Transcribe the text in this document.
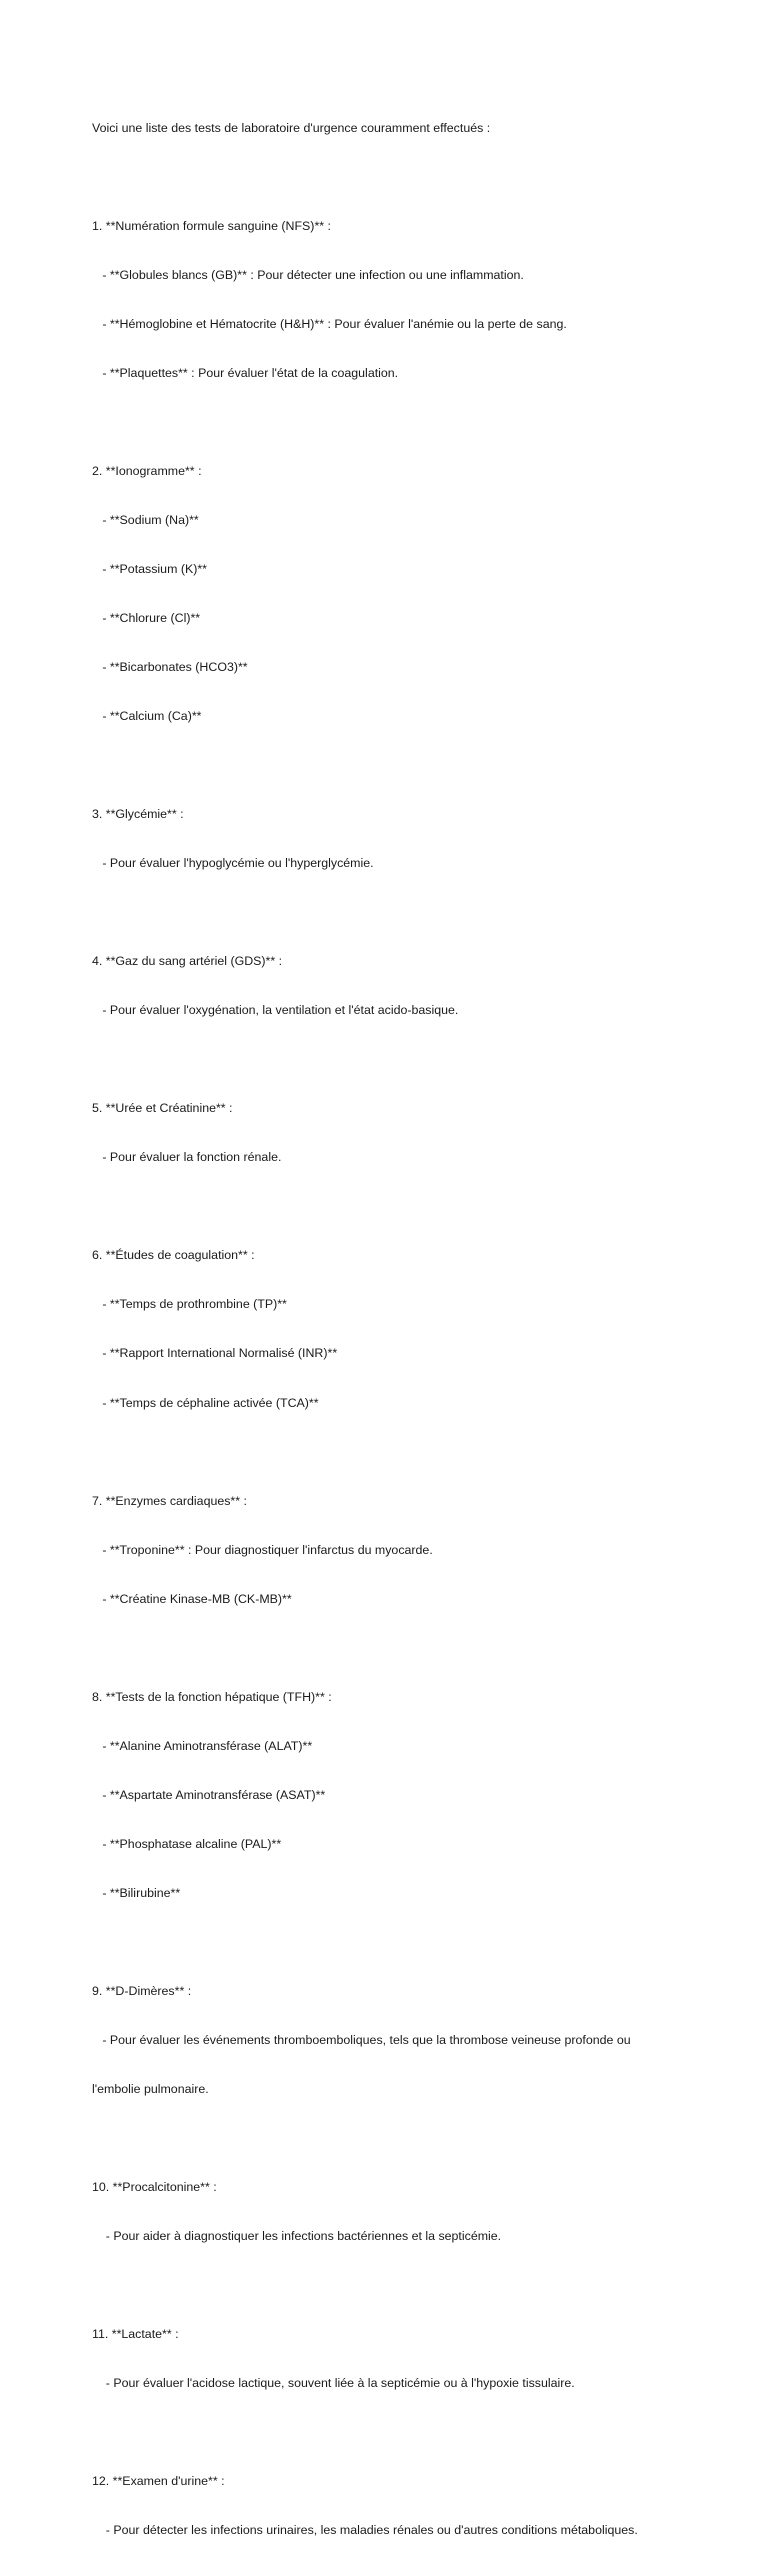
Voici une liste des tests de laboratoire d'urgence couramment effectués :

1. **Numération formule sanguine (NFS)** :

- **Globules blancs (GB)** : Pour détecter une infection ou une inflammation.

- **Hémoglobine et Hématocrite (H&H)** : Pour évaluer l'anémie ou la perte de sang.

- **Plaquettes** : Pour évaluer l'état de la coagulation.

2. **Ionogramme** :

- **Sodium (Na)**

- **Potassium (K)**

- **Chlorure (Cl)**

- **Bicarbonates (HCO3)**

- **Calcium (Ca)**

3. **Glycémie** :

- Pour évaluer l'hypoglycémie ou l'hyperglycémie.

4. **Gaz du sang artériel (GDS)** :

- Pour évaluer l'oxygénation, la ventilation et l'état acido-basique.

5. **Urée et Créatinine** :

- Pour évaluer la fonction rénale.

6. **Études de coagulation** :

- **Temps de prothrombine (TP)**

- **Rapport International Normalisé (INR)**

- **Temps de céphaline activée (TCA)**

7. **Enzymes cardiaques** :

- **Troponine** : Pour diagnostiquer l'infarctus du myocarde.

- **Créatine Kinase-MB (CK-MB)**

8. **Tests de la fonction hépatique (TFH)** :

- **Alanine Aminotransférase (ALAT)**

- **Aspartate Aminotransférase (ASAT)**

- **Phosphatase alcaline (PAL)**

- **Bilirubine**

9. **D-Dimères** :

- Pour évaluer les événements thromboemboliques, tels que la thrombose veineuse profonde ou

l'embolie pulmonaire.

10. **Procalcitonine** :

- Pour aider à diagnostiquer les infections bactériennes et la septicémie.

11. **Lactate** :

- Pour évaluer l'acidose lactique, souvent liée à la septicémie ou à l'hypoxie tissulaire.

12. **Examen d'urine** :

- Pour détecter les infections urinaires, les maladies rénales ou d'autres conditions métaboliques.
